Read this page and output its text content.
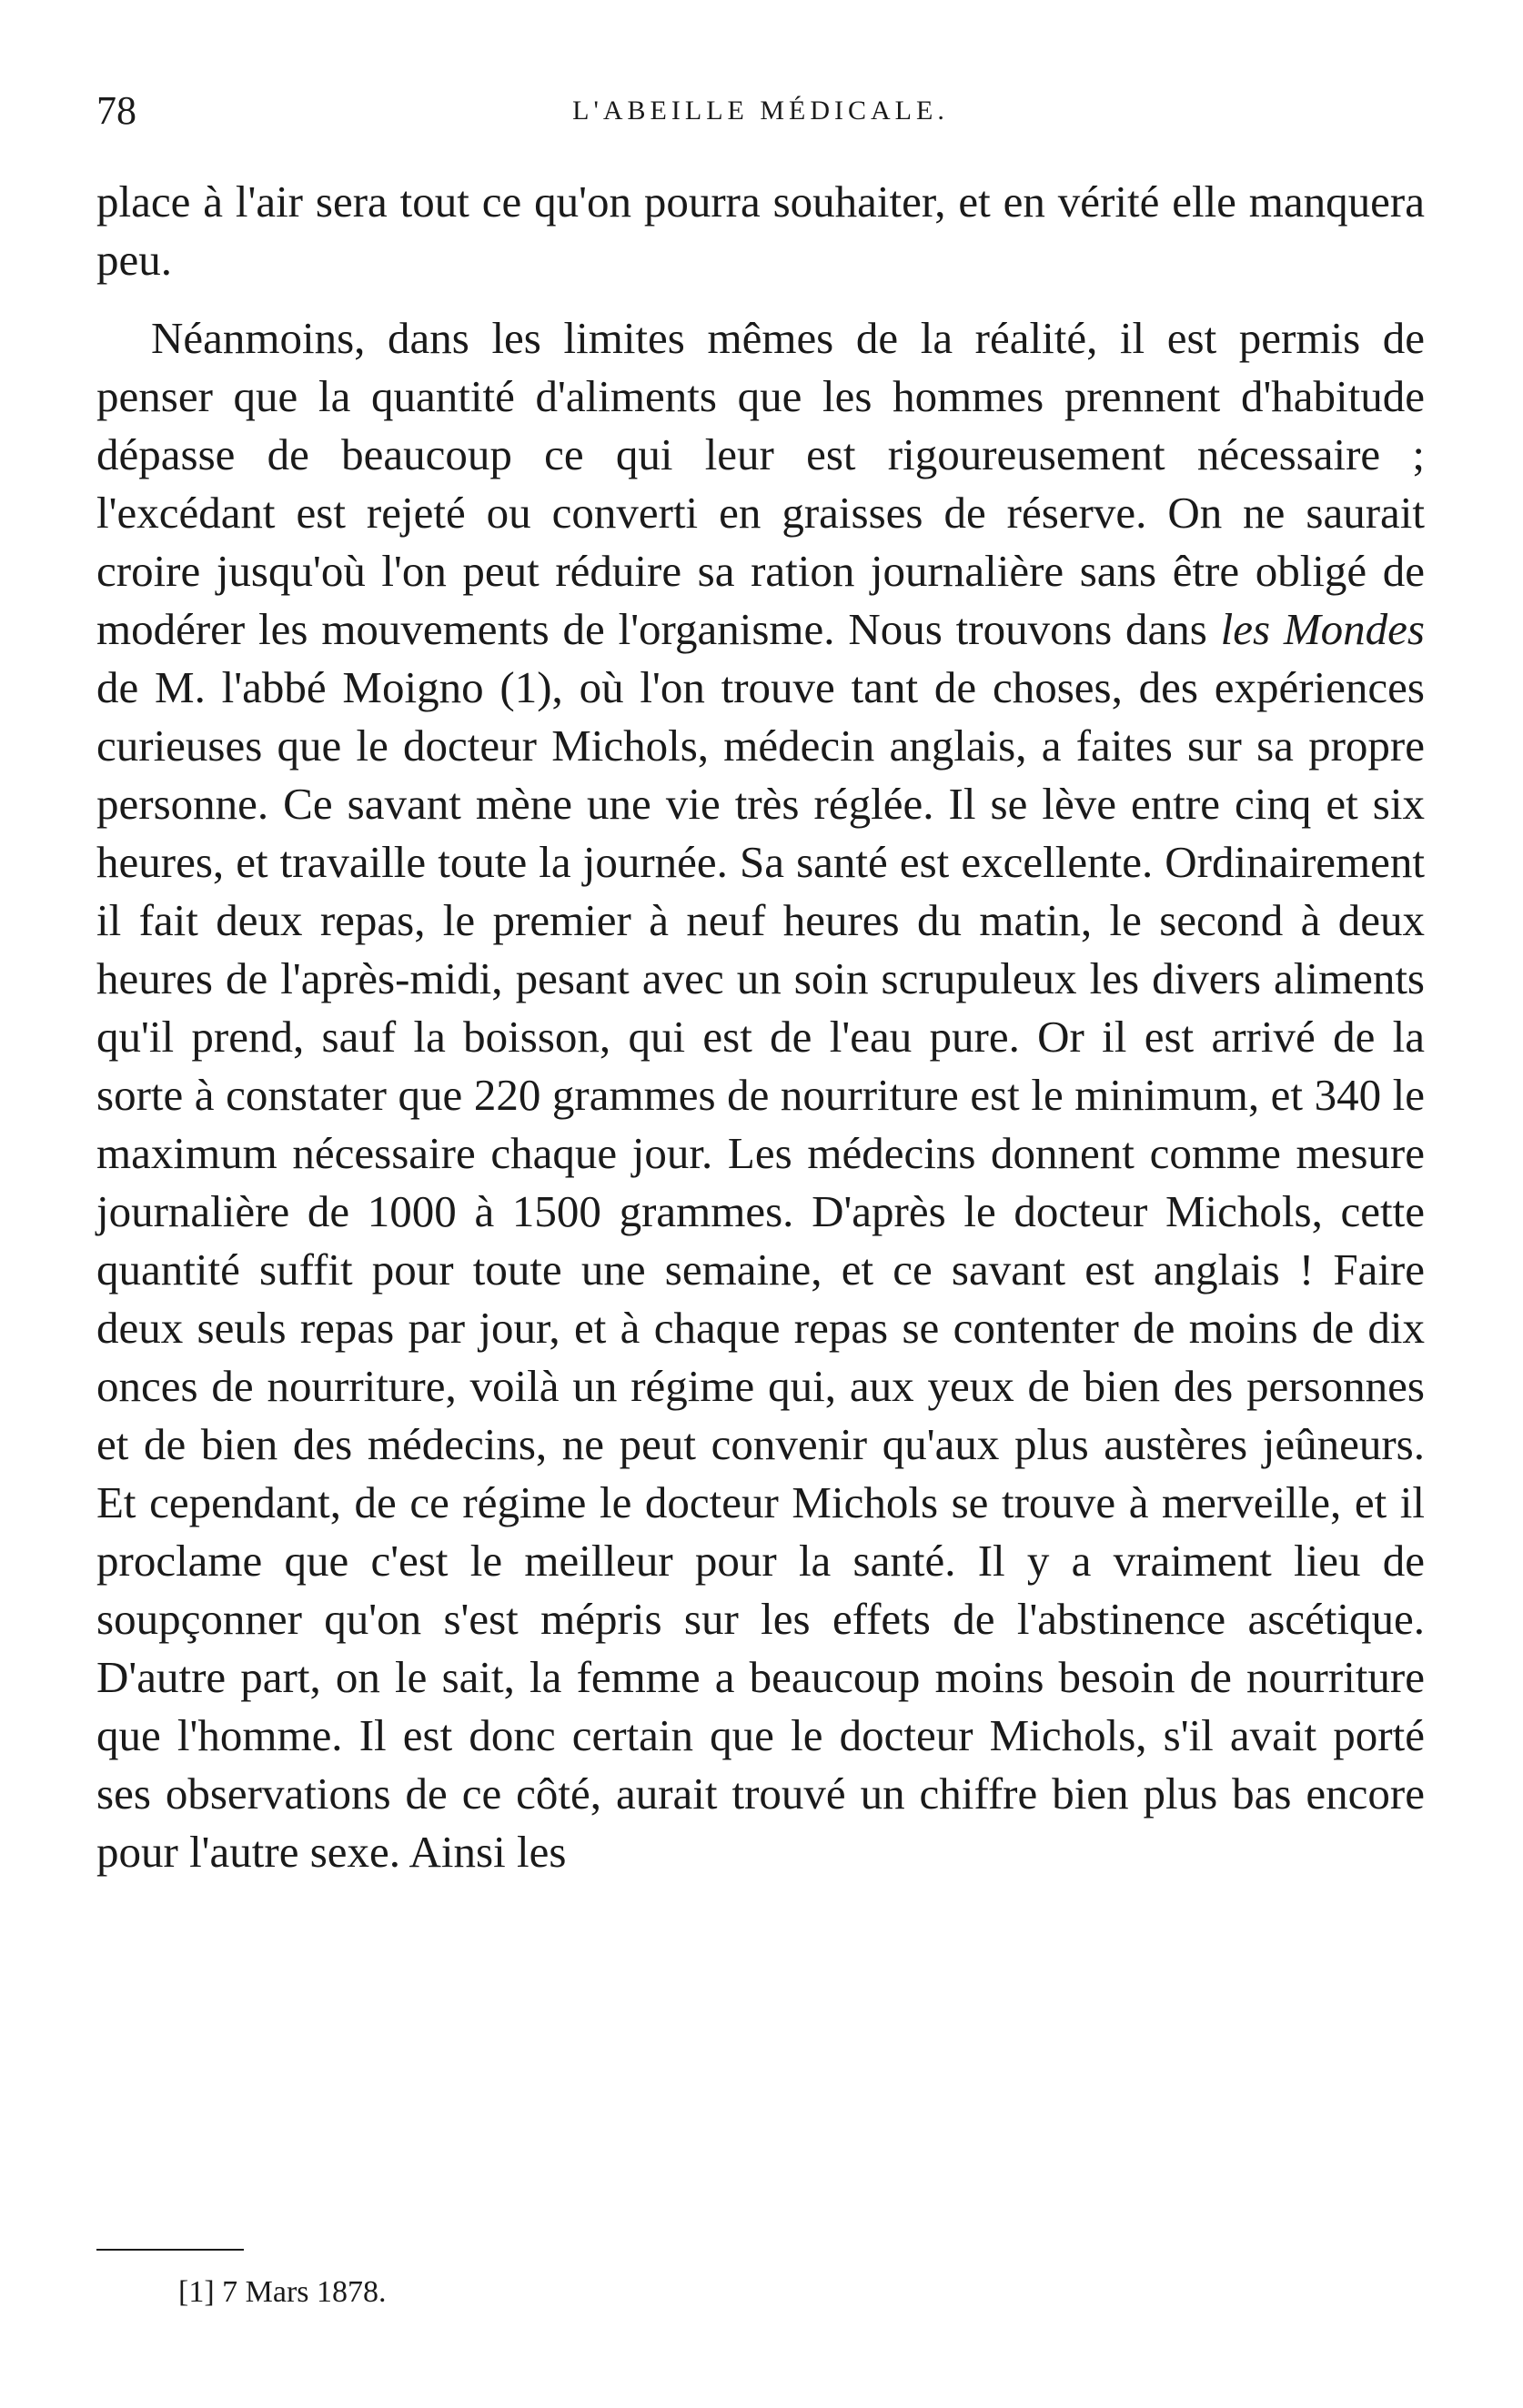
78	L'ABEILLE MÉDICALE.

place à l'air sera tout ce qu'on pourra souhaiter, et en vérité elle manquera peu.

Néanmoins, dans les limites mêmes de la réalité, il est permis de penser que la quantité d'aliments que les hommes prennent d'habitude dépasse de beaucoup ce qui leur est rigoureusement nécessaire ; l'excédant est rejeté ou converti en graisses de réserve. On ne saurait croire jusqu'où l'on peut réduire sa ration journalière sans être obligé de modérer les mouvements de l'organisme. Nous trouvons dans les Mondes de M. l'abbé Moigno (1), où l'on trouve tant de choses, des expériences curieuses que le docteur Michols, médecin anglais, a faites sur sa propre personne. Ce savant mène une vie très réglée. Il se lève entre cinq et six heures, et travaille toute la journée. Sa santé est excellente. Ordinairement il fait deux repas, le premier à neuf heures du matin, le second à deux heures de l'après-midi, pesant avec un soin scrupuleux les divers aliments qu'il prend, sauf la boisson, qui est de l'eau pure. Or il est arrivé de la sorte à constater que 220 grammes de nourriture est le minimum, et 340 le maximum nécessaire chaque jour. Les médecins donnent comme mesure journalière de 1000 à 1500 grammes. D'après le docteur Michols, cette quantité suffit pour toute une semaine, et ce savant est anglais ! Faire deux seuls repas par jour, et à chaque repas se contenter de moins de dix onces de nourriture, voilà un régime qui, aux yeux de bien des personnes et de bien des médecins, ne peut convenir qu'aux plus austères jeûneurs. Et cependant, de ce régime le docteur Michols se trouve à merveille, et il proclame que c'est le meilleur pour la santé. Il y a vraiment lieu de soupçonner qu'on s'est mépris sur les effets de l'abstinence ascétique. D'autre part, on le sait, la femme a beaucoup moins besoin de nourriture que l'homme. Il est donc certain que le docteur Michols, s'il avait porté ses observations de ce côté, aurait trouvé un chiffre bien plus bas encore pour l'autre sexe. Ainsi les

[1] 7 Mars 1878.
